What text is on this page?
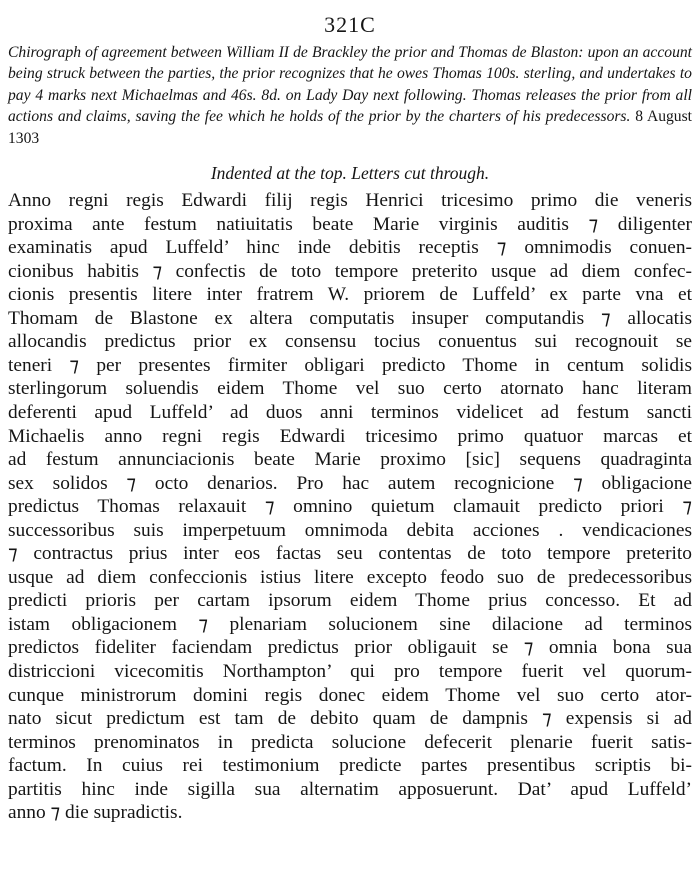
321C

Chirograph of agreement between William II de Brackley the prior and Thomas de Blaston: upon an account being struck between the parties, the prior recognizes that he owes Thomas 100s. sterling, and undertakes to pay 4 marks next Michaelmas and 46s. 8d. on Lady Day next following. Thomas releases the prior from all actions and claims, saving the fee which he holds of the prior by the charters of his predecessors. 8 August 1303

Indented at the top. Letters cut through.
Anno regni regis Edwardi filij regis Henrici tricesimo primo die veneris
proxima ante festum natiuitatis beate Marie virginis auditis ⁊ diligenter
examinatis apud Luffeld’ hinc inde debitis receptis ⁊ omnimodis conuen-
cionibus habitis ⁊ confectis de toto tempore preterito usque ad diem confec-
cionis presentis litere inter fratrem W. priorem de Luffeld’ ex parte vna et
Thomam de Blastone ex altera computatis insuper computandis ⁊ allocatis
allocandis predictus prior ex consensu tocius conuentus sui recognouit se
teneri ⁊ per presentes firmiter obligari predicto Thome in centum solidis
sterlingorum soluendis eidem Thome vel suo certo atornato hanc literam
deferenti apud Luffeld’ ad duos anni terminos videlicet ad festum sancti
Michaelis anno regni regis Edwardi tricesimo primo quatuor marcas et
ad festum annunciacionis beate Marie proximo [sic] sequens quadraginta
sex solidos ⁊ octo denarios. Pro hac autem recognicione ⁊ obligacione
predictus Thomas relaxauit ⁊ omnino quietum clamauit predicto priori ⁊
successoribus suis imperpetuum omnimoda debita acciones . vendicaciones
⁊ contractus prius inter eos factas seu contentas de toto tempore preterito
usque ad diem confeccionis istius litere excepto feodo suo de predecessoribus
predicti prioris per cartam ipsorum eidem Thome prius concesso. Et ad
istam obligacionem ⁊ plenariam solucionem sine dilacione ad terminos
predictos fideliter faciendam predictus prior obligauit se ⁊ omnia bona sua
districcioni vicecomitis Northampton’ qui pro tempore fuerit vel quorum-
cunque ministrorum domini regis donec eidem Thome vel suo certo ator-
nato sicut predictum est tam de debito quam de dampnis ⁊ expensis si ad
terminos prenominatos in predicta solucione defecerit plenarie fuerit satis-
factum. In cuius rei testimonium predicte partes presentibus scriptis bi-
partitis hinc inde sigilla sua alternatim apposuerunt. Dat’ apud Luffeld’
anno ⁊ die supradictis.
